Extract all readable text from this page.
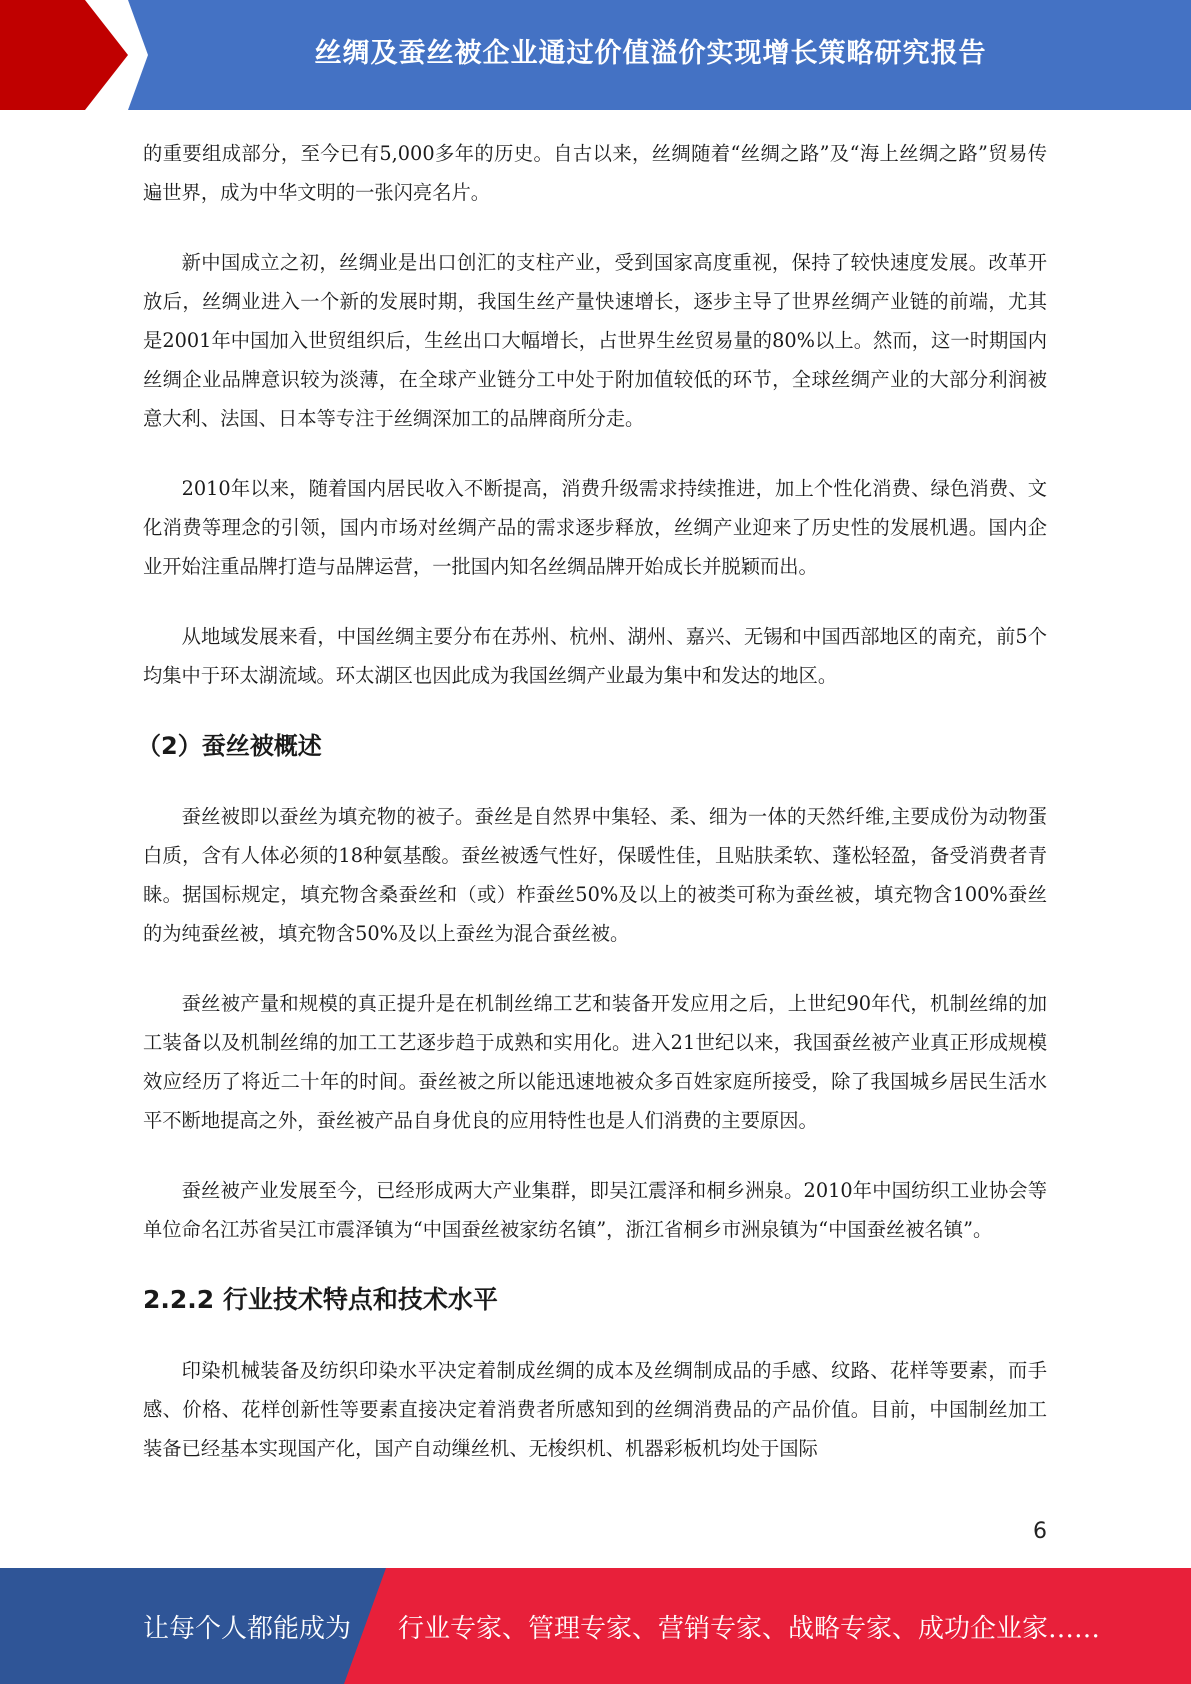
丝绸及蚕丝被企业通过价值溢价实现增长策略研究报告

的重要组成部分，至今已有5,000多年的历史。自古以来，丝绸随着“丝绸之路”及“海上丝绸之路”贸易传遍世界，成为中华文明的一张闪亮名片。

新中国成立之初，丝绸业是出口创汇的支柱产业，受到国家高度重视，保持了较快速度发展。改革开放后，丝绸业进入一个新的发展时期，我国生丝产量快速增长，逐步主导了世界丝绸产业链的前端，尤其是2001年中国加入世贸组织后，生丝出口大幅增长，占世界生丝贸易量的80%以上。然而，这一时期国内丝绸企业品牌意识较为淡薄，在全球产业链分工中处于附加值较低的环节，全球丝绸产业的大部分利润被意大利、法国、日本等专注于丝绸深加工的品牌商所分走。

2010年以来，随着国内居民收入不断提高，消费升级需求持续推进，加上个性化消费、绿色消费、文化消费等理念的引领，国内市场对丝绸产品的需求逐步释放，丝绸产业迎来了历史性的发展机遇。国内企业开始注重品牌打造与品牌运营，一批国内知名丝绸品牌开始成长并脱颖而出。

从地域发展来看，中国丝绸主要分布在苏州、杭州、湖州、嘉兴、无锡和中国西部地区的南充，前5个均集中于环太湖流域。环太湖区也因此成为我国丝绸产业最为集中和发达的地区。

（2）蚕丝被概述

蚕丝被即以蚕丝为填充物的被子。蚕丝是自然界中集轻、柔、细为一体的天然纤维,主要成份为动物蛋白质，含有人体必须的18种氨基酸。蚕丝被透气性好，保暖性佳，且贴肤柔软、蓬松轻盈，备受消费者青睐。据国标规定，填充物含桑蚕丝和（或）柞蚕丝50%及以上的被类可称为蚕丝被，填充物含100%蚕丝的为纯蚕丝被，填充物含50%及以上蚕丝为混合蚕丝被。

蚕丝被产量和规模的真正提升是在机制丝绵工艺和装备开发应用之后，上世纪90年代，机制丝绵的加工装备以及机制丝绵的加工工艺逐步趋于成熟和实用化。进入21世纪以来，我国蚕丝被产业真正形成规模效应经历了将近二十年的时间。蚕丝被之所以能迅速地被众多百姓家庭所接受，除了我国城乡居民生活水平不断地提高之外，蚕丝被产品自身优良的应用特性也是人们消费的主要原因。

蚕丝被产业发展至今，已经形成两大产业集群，即吴江震泽和桐乡洲泉。2010年中国纺织工业协会等单位命名江苏省吴江市震泽镇为“中国蚕丝被家纺名镇”，浙江省桐乡市洲泉镇为“中国蚕丝被名镇”。

2.2.2 行业技术特点和技术水平

印染机械装备及纺织印染水平决定着制成丝绸的成本及丝绸制成品的手感、纹路、花样等要素，而手感、价格、花样创新性等要素直接决定着消费者所感知到的丝绸消费品的产品价值。目前，中国制丝加工装备已经基本实现国产化，国产自动缫丝机、无梭织机、机器彩板机均处于国际

6
让每个人都能成为 行业专家、管理专家、营销专家、战略专家、成功企业家……
